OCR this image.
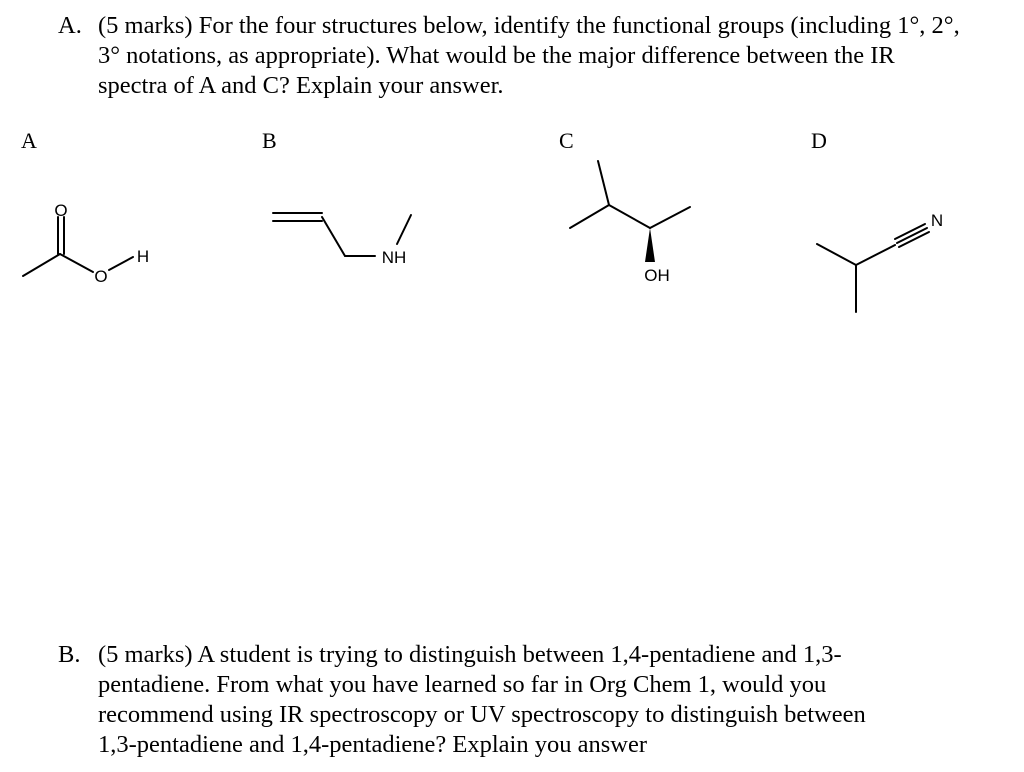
A. (5 marks) For the four structures below, identify the functional groups (including 1°, 2°,
3° notations, as appropriate). What would be the major difference between the IR
spectra of A and C? Explain your answer.
A	B	C	D
O
O
H	NH
OH
N
B. (5 marks) A student is trying to distinguish between 1,4-pentadiene and 1,3-
pentadiene. From what you have learned so far in Org Chem 1, would you
recommend using IR spectroscopy or UV spectroscopy to distinguish between
1,3-pentadiene and 1,4-pentadiene? Explain you answer
